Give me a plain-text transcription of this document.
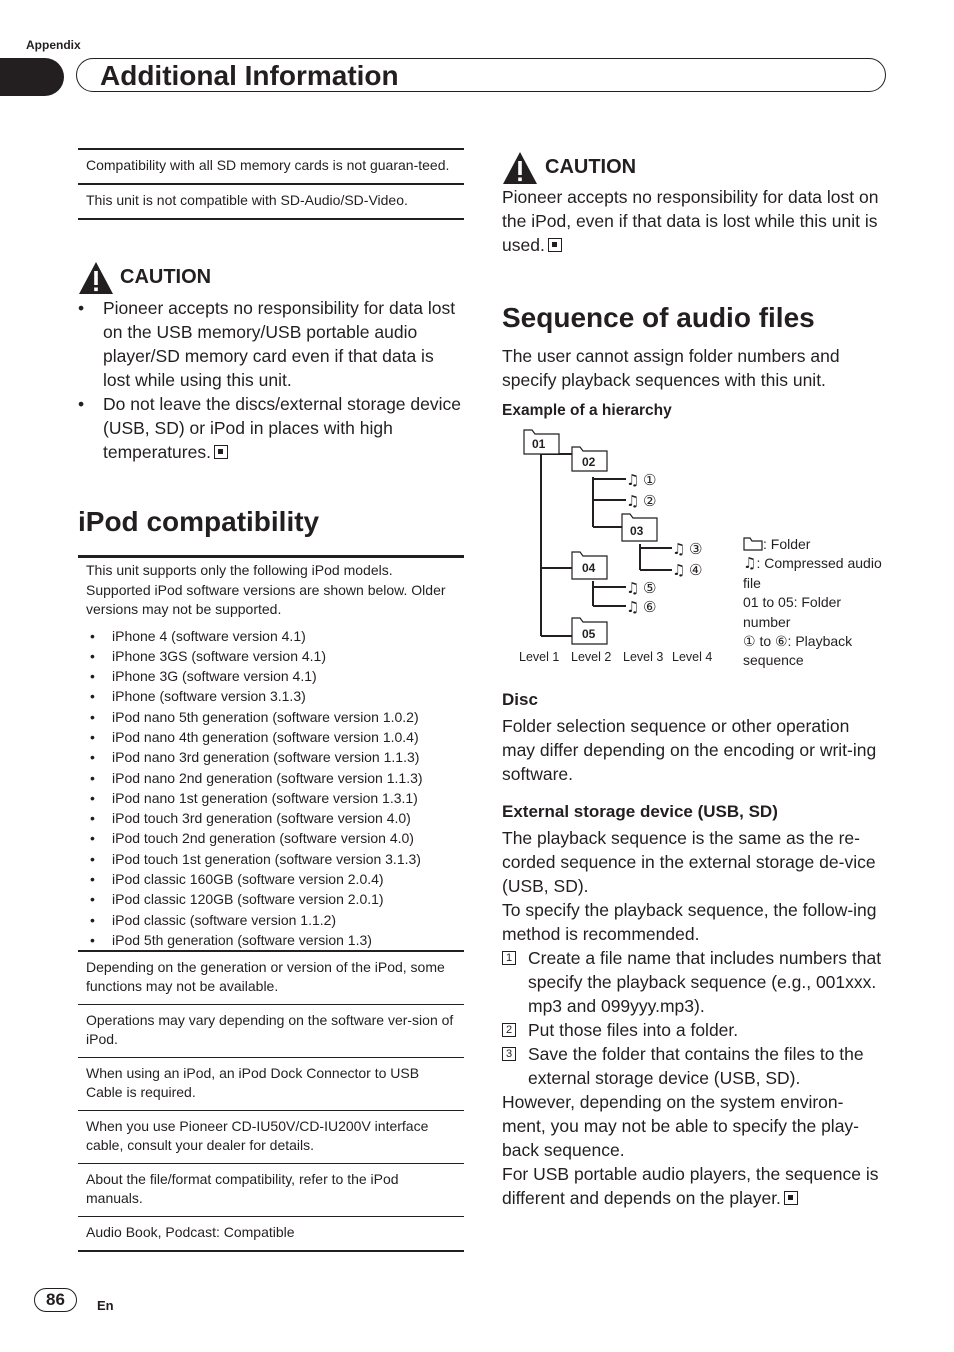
Appendix
Additional Information
Compatibility with all SD memory cards is not guaran-teed.
This unit is not compatible with SD-Audio/SD-Video.
CAUTION
• Pioneer accepts no responsibility for data lost on the USB memory/USB portable audio player/SD memory card even if that data is lost while using this unit.
• Do not leave the discs/external storage device (USB, SD) or iPod in places with high temperatures.
iPod compatibility
This unit supports only the following iPod models. Supported iPod software versions are shown below. Older versions may not be supported.
• iPhone 4 (software version 4.1)
• iPhone 3GS (software version 4.1)
• iPhone 3G (software version 4.1)
• iPhone (software version 3.1.3)
• iPod nano 5th generation (software version 1.0.2)
• iPod nano 4th generation (software version 1.0.4)
• iPod nano 3rd generation (software version 1.1.3)
• iPod nano 2nd generation (software version 1.1.3)
• iPod nano 1st generation (software version 1.3.1)
• iPod touch 3rd generation (software version 4.0)
• iPod touch 2nd generation (software version 4.0)
• iPod touch 1st generation (software version 3.1.3)
• iPod classic 160GB (software version 2.0.4)
• iPod classic 120GB (software version 2.0.1)
• iPod classic (software version 1.1.2)
• iPod 5th generation (software version 1.3)
Depending on the generation or version of the iPod, some functions may not be available.
Operations may vary depending on the software ver-sion of iPod.
When using an iPod, an iPod Dock Connector to USB Cable is required.
When you use Pioneer CD-IU50V/CD-IU200V interface cable, consult your dealer for details.
About the file/format compatibility, refer to the iPod manuals.
Audio Book, Podcast: Compatible
CAUTION
Pioneer accepts no responsibility for data lost on the iPod, even if that data is lost while this unit is used.
Sequence of audio files
The user cannot assign folder numbers and specify playback sequences with this unit.
Example of a hierarchy
01
02
03
04
05
♫ ①
♫ ②
♫ ③
♫ ④
♫ ⑤
♫ ⑥
Level 1 Level 2 Level 3 Level 4
: Folder
♫: Compressed audio file
01 to 05: Folder number
① to ⑥: Playback sequence
Disc
Folder selection sequence or other operation may differ depending on the encoding or writ-ing software.
External storage device (USB, SD)
The playback sequence is the same as the re-corded sequence in the external storage de-vice (USB, SD).
To specify the playback sequence, the follow-ing method is recommended.
1 Create a file name that includes numbers that specify the playback sequence (e.g., 001xxx. mp3 and 099yyy.mp3).
2 Put those files into a folder.
3 Save the folder that contains the files to the external storage device (USB, SD).
However, depending on the system environ-ment, you may not be able to specify the play-back sequence.
For USB portable audio players, the sequence is different and depends on the player.
86	En
